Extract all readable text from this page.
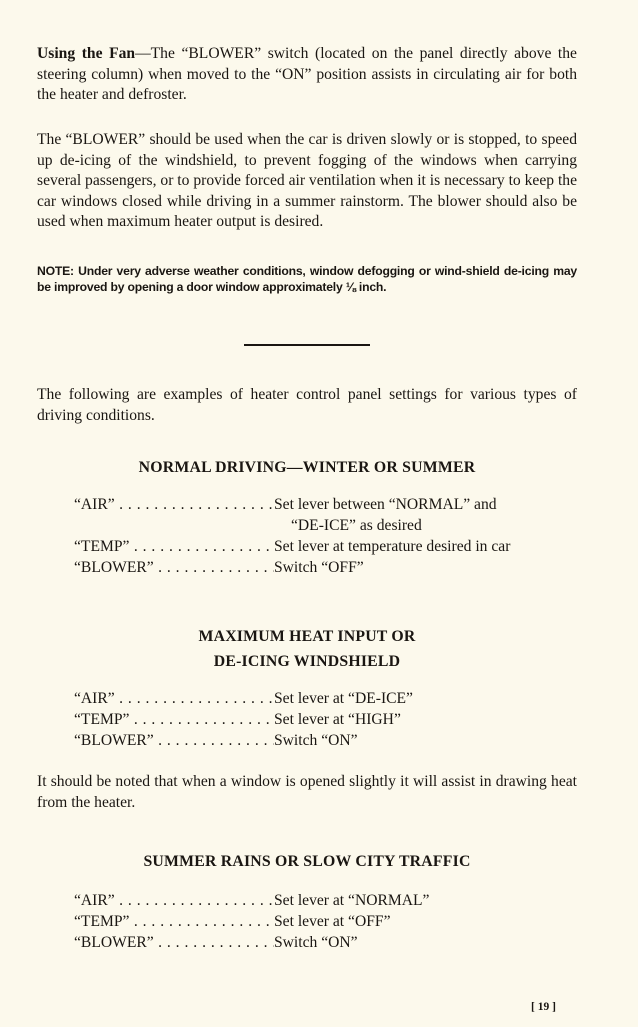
Using the Fan—The “BLOWER” switch (located on the panel directly above the steering column) when moved to the “ON” position assists in circulating air for both the heater and defroster.

The “BLOWER” should be used when the car is driven slowly or is stopped, to speed up de-icing of the windshield, to prevent fogging of the windows when carrying several passengers, or to provide forced air ventilation when it is necessary to keep the car windows closed while driving in a summer rainstorm. The blower should also be used when maximum heater output is desired.

NOTE: Under very adverse weather conditions, window defogging or wind-shield de-icing may be improved by opening a door window approximately ⅛ inch.

The following are examples of heater control panel settings for various types of driving conditions.

NORMAL DRIVING—WINTER OR SUMMER
“AIR” . . .	Set lever between “NORMAL” and
“DE-ICE” as desired
“TEMP” . . .	Set lever at temperature desired in car
“BLOWER” . . .	Switch “OFF”
MAXIMUM HEAT INPUT OR
DE-ICING WINDSHIELD
“AIR” . . .	Set lever at “DE-ICE”
“TEMP” . . .	Set lever at “HIGH”
“BLOWER” . . .	Switch “ON”

It should be noted that when a window is opened slightly it will assist in drawing heat from the heater.

SUMMER RAINS OR SLOW CITY TRAFFIC
“AIR” . . .	Set lever at “NORMAL”
“TEMP” . . .	Set lever at “OFF”
“BLOWER” . . .	Switch “ON”
[ 19 ]
